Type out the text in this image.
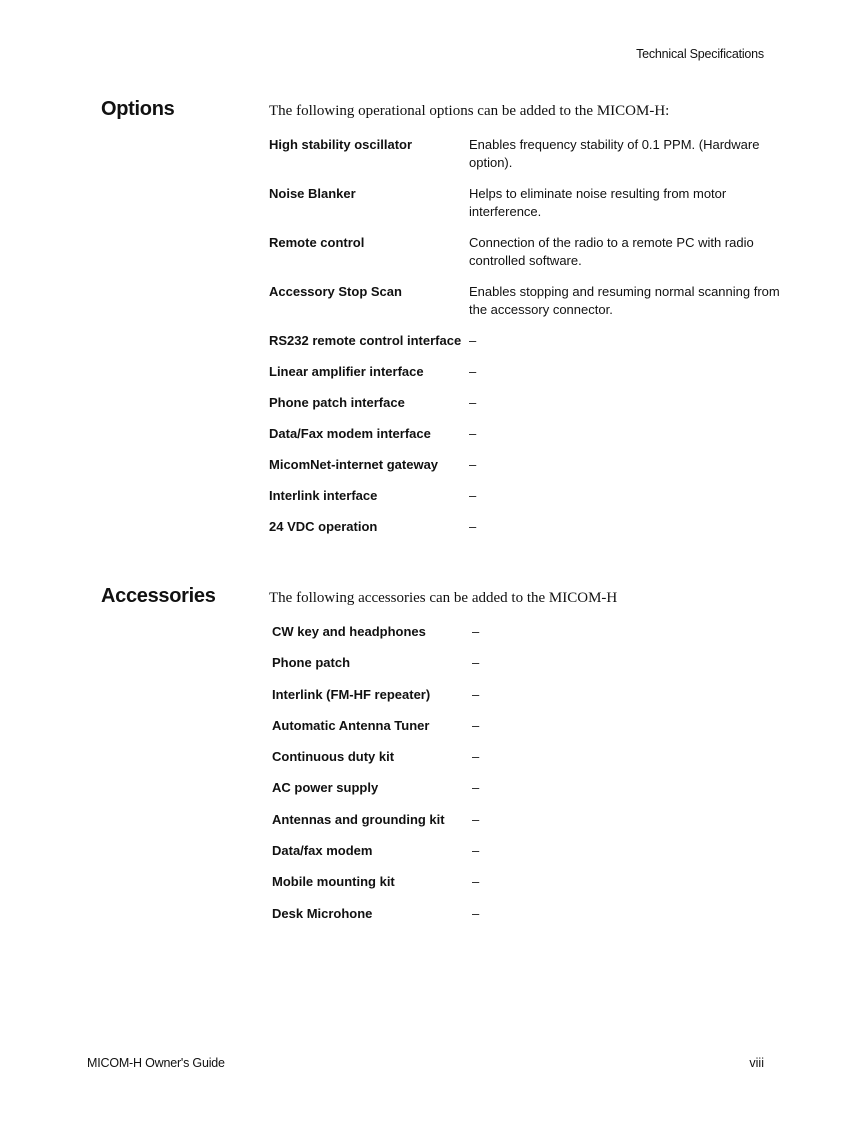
Technical Specifications
Options	The following operational options can be added to the MICOM-H:

High stability oscillator	Enables frequency stability of 0.1 PPM. (Hardware option).
Noise Blanker	Helps to eliminate noise resulting from motor interference.
Remote control	Connection of the radio to a remote PC with radio controlled software.
Accessory Stop Scan	Enables stopping and resuming normal scanning from the accessory connector.
RS232 remote control interface –
Linear amplifier interface	–
Phone patch interface	–
Data/Fax modem interface	–
MicomNet-internet gateway	–
Interlink interface	–
24 VDC operation	–
Accessories	The following accessories can be added to the MICOM-H

CW key and headphones	–
Phone patch	–
Interlink (FM-HF repeater)	–
Automatic Antenna Tuner	–
Continuous duty kit	–
AC power supply	–
Antennas and grounding kit	–
Data/fax modem	–
Mobile mounting kit	–
Desk Microhone	–
MICOM-H Owner's Guide	viii
